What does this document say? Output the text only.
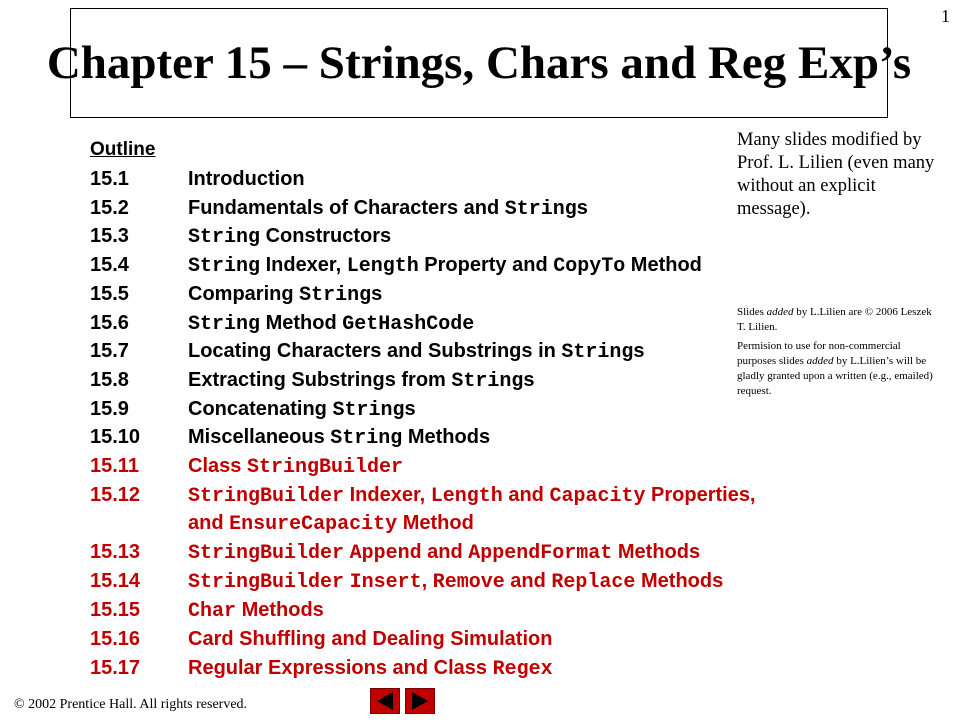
1
Chapter 15 – Strings, Chars and Reg Exp’s
Many slides modified by Prof. L. Lilien (even many without an explicit message).
Slides added by L.Lilien are © 2006 Leszek T. Lilien.
Permision to use for non-commercial purposes slides added by L.Lilien’s will be gladly granted upon a written (e.g., emailed) request.
Outline
15.1	Introduction
15.2	Fundamentals of Characters and Strings
15.3	String Constructors
15.4	String Indexer, Length Property and CopyTo Method
15.5	Comparing Strings
15.6	String Method GetHashCode
15.7	Locating Characters and Substrings in Strings
15.8	Extracting Substrings from Strings
15.9	Concatenating Strings
15.10 Miscellaneous String Methods
15.11 Class StringBuilder
15.12 StringBuilder Indexer, Length and Capacity Properties,
and EnsureCapacity Method
15.13 StringBuilder Append and AppendFormat Methods
15.14 StringBuilder Insert, Remove and Replace Methods
15.15 Char Methods
15.16 Card Shuffling and Dealing Simulation
15.17 Regular Expressions and Class Regex
© 2002 Prentice Hall. All rights reserved.
